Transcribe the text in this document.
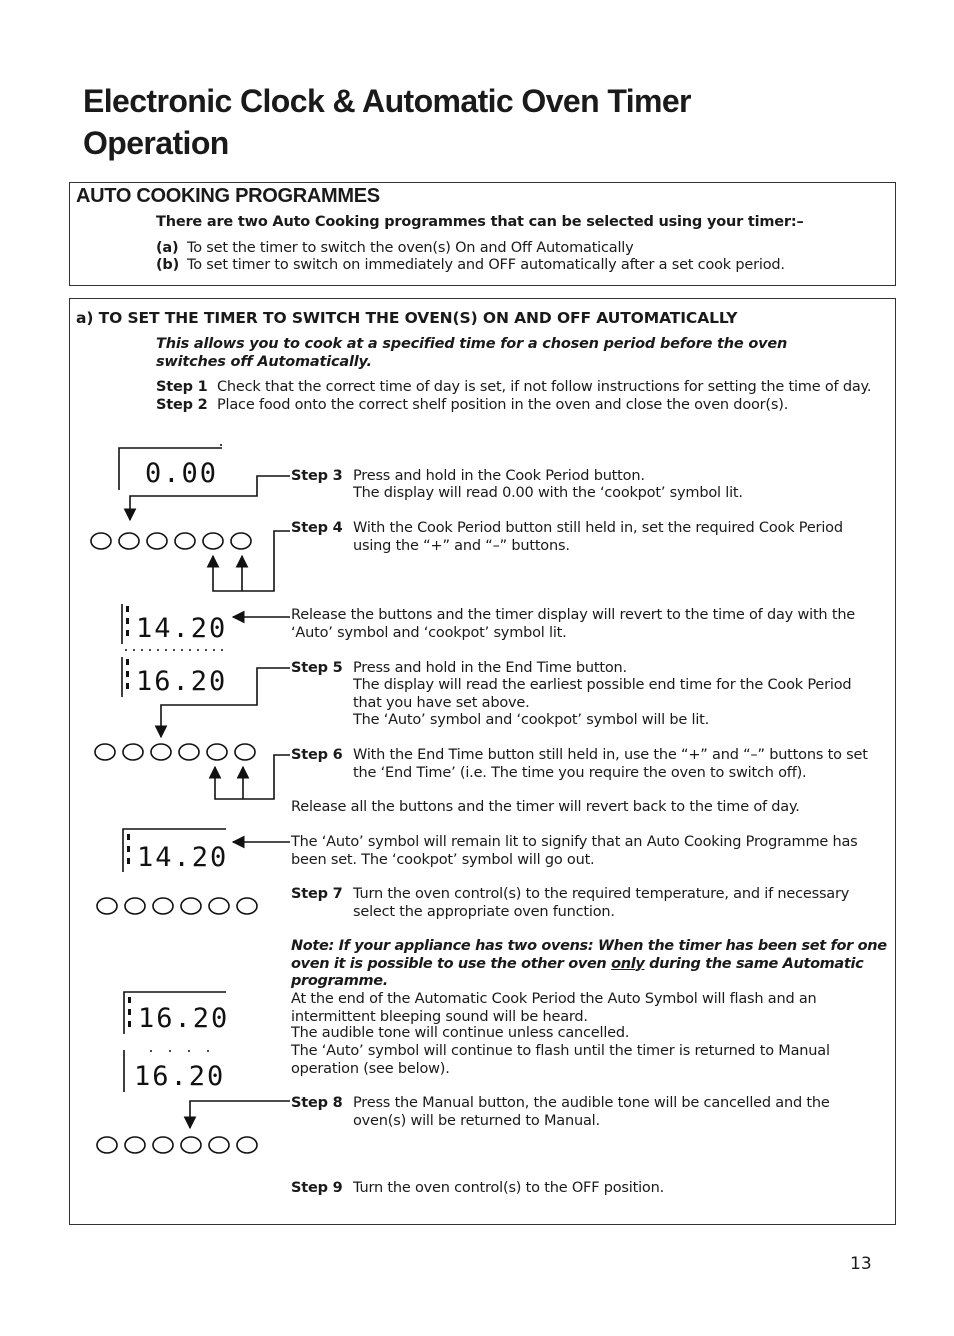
Electronic Clock & Automatic Oven Timer Operation
AUTO COOKING PROGRAMMES
There are two Auto Cooking programmes that can be selected using your timer:–
(a) To set the timer to switch the oven(s) On and Off Automatically
(b) To set timer to switch on immediately and OFF automatically after a set cook period.
a) TO SET THE TIMER TO SWITCH THE OVEN(S) ON AND OFF AUTOMATICALLY
This allows you to cook at a specified time for a chosen period before the oven switches off Automatically.
Step 1 Check that the correct time of day is set, if not follow instructions for setting the time of day.
Step 2 Place food onto the correct shelf position in the oven and close the oven door(s).
Step 3 Press and hold in the Cook Period button.
The display will read 0.00 with the ‘cookpot’ symbol lit.
Step 4 With the Cook Period button still held in, set the required Cook Period using the “+” and “–” buttons.
Release the buttons and the timer display will revert to the time of day with the ‘Auto’ symbol and ‘cookpot’ symbol lit.
Step 5 Press and hold in the End Time button.
The display will read the earliest possible end time for the Cook Period that you have set above.
The ‘Auto’ symbol and ‘cookpot’ symbol will be lit.
Step 6 With the End Time button still held in, use the “+” and “–” buttons to set the ‘End Time’ (i.e. The time you require the oven to switch off).
Release all the buttons and the timer will revert back to the time of day.
The ‘Auto’ symbol will remain lit to signify that an Auto Cooking Programme has been set. The ‘cookpot’ symbol will go out.
Step 7 Turn the oven control(s) to the required temperature, and if necessary select the appropriate oven function.
Note: If your appliance has two ovens: When the timer has been set for one oven it is possible to use the other oven only during the same Automatic programme.
At the end of the Automatic Cook Period the Auto Symbol will flash and an intermittent bleeping sound will be heard.
The audible tone will continue unless cancelled.
The ‘Auto’ symbol will continue to flash until the timer is returned to Manual operation (see below).
Step 8 Press the Manual button, the audible tone will be cancelled and the oven(s) will be returned to Manual.
Step 9 Turn the oven control(s) to the OFF position.
0.00
14.20
16.20
14.20
16.20
16.20
13
